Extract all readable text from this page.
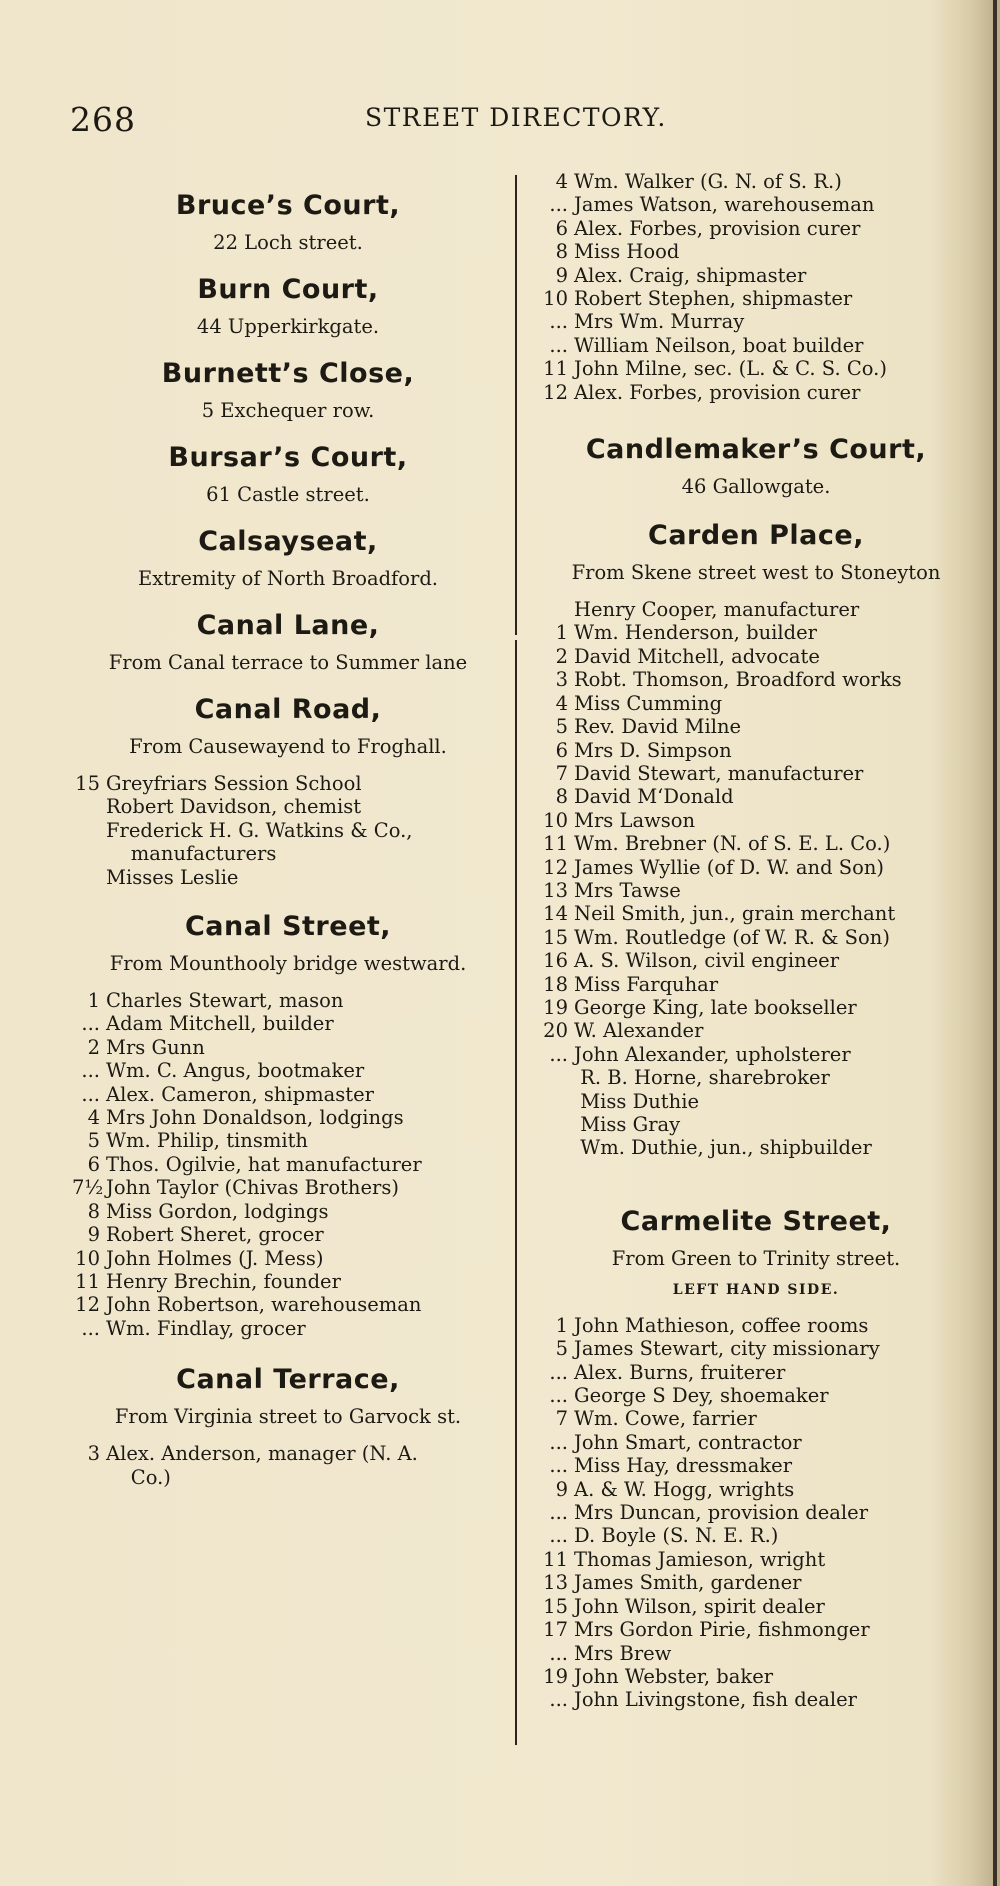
268	STREET DIRECTORY.
Bruce’s Court,
22 Loch street.
Burn Court,
44 Upperkirkgate.
Burnett’s Close,
5 Exchequer row.
Bursar’s Court,
61 Castle street.
Calsayseat,
Extremity of North Broadford.
Canal Lane,
From Canal terrace to Summer lane
Canal Road,
From Causewayend to Froghall.
15 Greyfriars Session School
Robert Davidson, chemist
Frederick H. G. Watkins & Co.,
manufacturers
Misses Leslie
Canal Street,
From Mounthooly bridge westward.
1 Charles Stewart, mason
... Adam Mitchell, builder
2 Mrs Gunn
... Wm. C. Angus, bootmaker
... Alex. Cameron, shipmaster
4 Mrs John Donaldson, lodgings
5 Wm. Philip, tinsmith
6 Thos. Ogilvie, hat manufacturer
7½ John Taylor (Chivas Brothers)
8 Miss Gordon, lodgings
9 Robert Sheret, grocer
10 John Holmes (J. Mess)
11 Henry Brechin, founder
12 John Robertson, warehouseman
... Wm. Findlay, grocer
Canal Terrace,
From Virginia street to Garvock st.
3 Alex. Anderson, manager (N. A.
Co.)
4 Wm. Walker (G. N. of S. R.)
... James Watson, warehouseman
6 Alex. Forbes, provision curer
8 Miss Hood
9 Alex. Craig, shipmaster
10 Robert Stephen, shipmaster
... Mrs Wm. Murray
... William Neilson, boat builder
11 John Milne, sec. (L. & C. S. Co.)
12 Alex. Forbes, provision curer
Candlemaker’s Court,
46 Gallowgate.
Carden Place,
From Skene street west to Stoneyton
Henry Cooper, manufacturer
1 Wm. Henderson, builder
2 David Mitchell, advocate
3 Robt. Thomson, Broadford works
4 Miss Cumming
5 Rev. David Milne
6 Mrs D. Simpson
7 David Stewart, manufacturer
8 David M‘Donald
10 Mrs Lawson
11 Wm. Brebner (N. of S. E. L. Co.)
12 James Wyllie (of D. W. and Son)
13 Mrs Tawse
14 Neil Smith, jun., grain merchant
15 Wm. Routledge (of W. R. & Son)
16 A. S. Wilson, civil engineer
18 Miss Farquhar
19 George King, late bookseller
20 W. Alexander
... John Alexander, upholsterer
R. B. Horne, sharebroker
Miss Duthie
Miss Gray
Wm. Duthie, jun., shipbuilder
Carmelite Street,
From Green to Trinity street.
LEFT HAND SIDE.
1 John Mathieson, coffee rooms
5 James Stewart, city missionary
... Alex. Burns, fruiterer
... George S Dey, shoemaker
7 Wm. Cowe, farrier
... John Smart, contractor
... Miss Hay, dressmaker
9 A. & W. Hogg, wrights
... Mrs Duncan, provision dealer
... D. Boyle (S. N. E. R.)
11 Thomas Jamieson, wright
13 James Smith, gardener
15 John Wilson, spirit dealer
17 Mrs Gordon Pirie, fishmonger
... Mrs Brew
19 John Webster, baker
... John Livingstone, fish dealer
